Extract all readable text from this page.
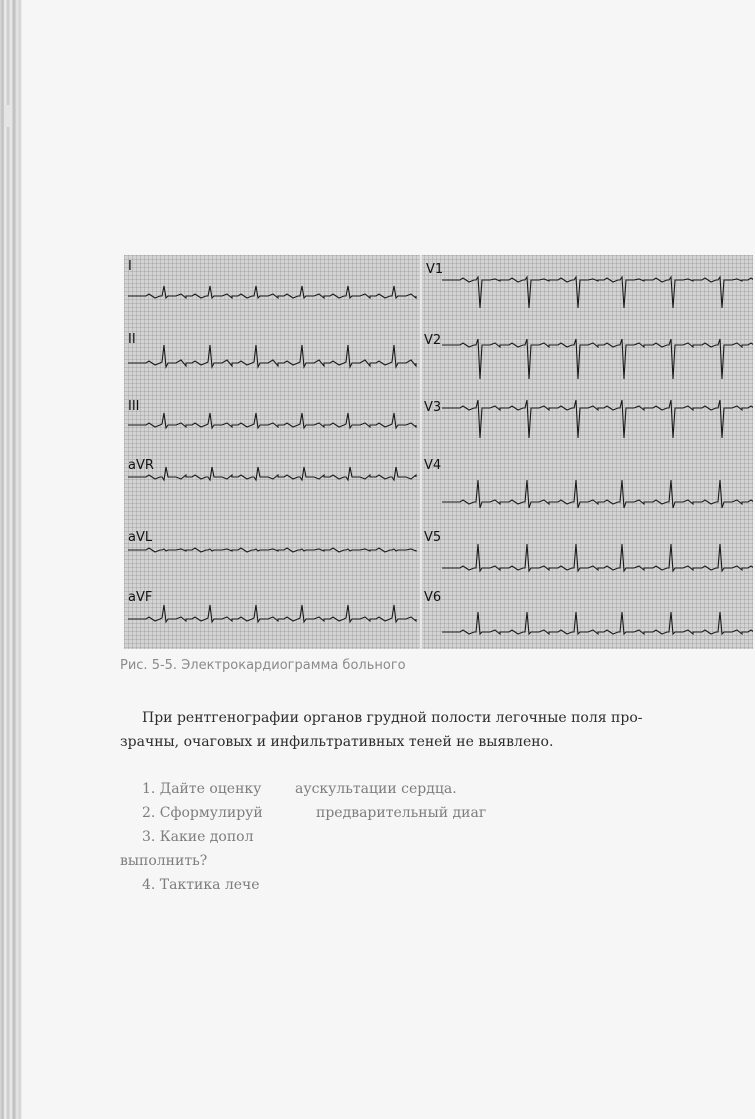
I
II
III
aVR
aVL
aVF
V1
V2
V3
V4
V5
V6
Рис. 5-5. Электрокардиограмма больного

При рентгенографии органов грудной полости легочные поля про-
зрачны, очаговых и инфильтративных теней не выявлено.
1. Дайте оценку аускультации сердца.
2. Сформулируй	предварительный диаг
3. Какие допол
выполнить?
4. Тактика лече
